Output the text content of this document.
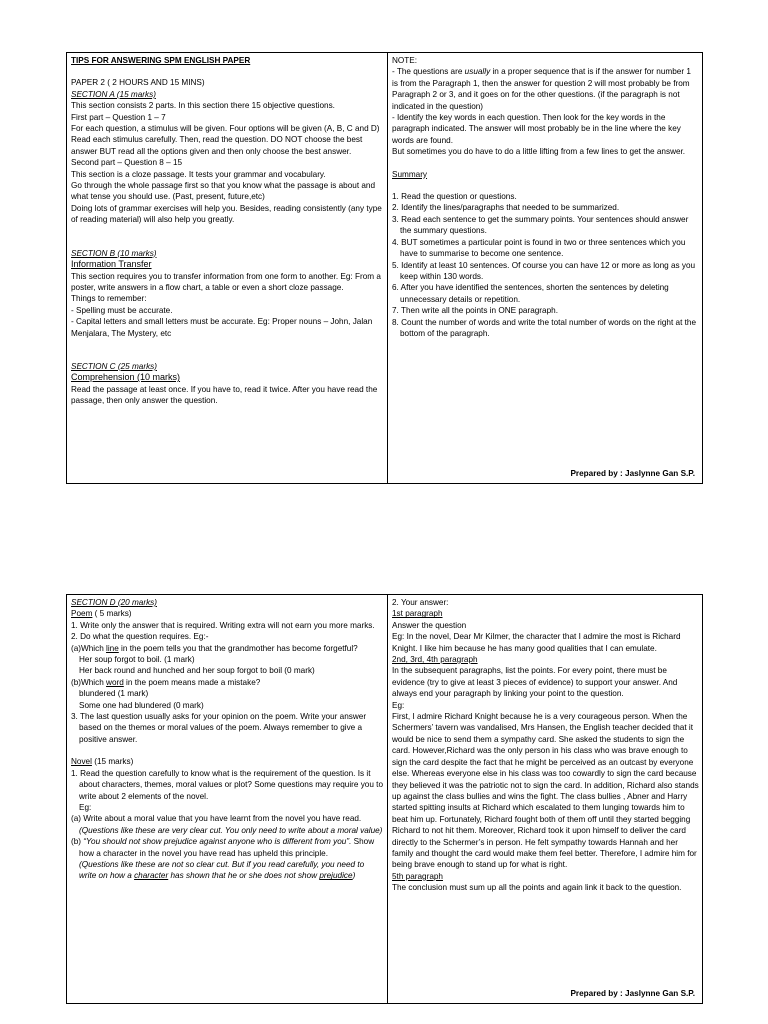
TIPS FOR ANSWERING SPM ENGLISH PAPER

PAPER 2 ( 2 HOURS AND 15 MINS)

SECTION A (15 marks)

This section consists 2 parts. In this section there 15 objective questions.

First part – Question 1 – 7

For each question, a stimulus will be given. Four options will be given (A, B, C and D)

Read each stimulus carefully. Then, read the question. DO NOT choose the best answer BUT read all the options given and then only choose the best answer.

Second part – Question 8 – 15

This section is a cloze passage. It tests your grammar and vocabulary.

Go through the whole passage first so that you know what the passage is about and what tense you should use. (Past, present, future,etc)

Doing lots of grammar exercises will help you. Besides, reading consistently (any type of reading material) will also help you greatly.

SECTION B (10 marks)

Information Transfer

This section requires you to transfer information from one form to another. Eg: From a poster, write answers in a flow chart, a table or even a short cloze passage.

Things to remember:

- Spelling must be accurate.

- Capital letters and small letters must be accurate. Eg: Proper nouns – John, Jalan Menjalara, The Mystery, etc

SECTION C (25 marks)

Comprehension (10 marks)

Read the passage at least once. If you have to, read it twice. After you have read the passage, then only answer the question.

NOTE:

- The questions are usually in a proper sequence that is if the answer for number 1 is from the Paragraph 1, then the answer for question 2 will most probably be from Paragraph 2 or 3, and it goes on for the other questions. (if the paragraph is not indicated in the question)

- Identify the key words in each question. Then look for the key words in the paragraph indicated. The answer will most probably be in the line where the key words are found.

But sometimes you do have to do a little lifting from a few lines to get the answer.

Summary

1. Read the question or questions.

2. Identify the lines/paragraphs that needed to be summarized.

3. Read each sentence to get the summary points. Your sentences should answer the summary questions.

4. BUT sometimes a particular point is found in two or three sentences which you have to summarise to become one sentence.

5. Identify at least 10 sentences. Of course you can have 12 or more as long as you keep within 130 words.

6. After you have identified the sentences, shorten the sentences by deleting unnecessary details or repetition.

7. Then write all the points in ONE paragraph.

8. Count the number of words and write the total number of words on the right at the bottom of the paragraph.

Prepared by : Jaslynne Gan S.P.

SECTION D (20 marks)

Poem ( 5 marks)

1. Write only the answer that is required. Writing extra will not earn you more marks.

2. Do what the question requires. Eg:-

(a)Which line in the poem tells you that the grandmother has become forgetful?

Her soup forgot to boil. (1 mark)

Her back round and hunched and her soup forgot to boil (0 mark)

(b)Which word in the poem means made a mistake?

blundered (1 mark)

Some one had blundered (0 mark)

3. The last question usually asks for your opinion on the poem. Write your answer based on the themes or moral values of the poem. Always remember to give a positive answer.

Novel (15 marks)

1. Read the question carefully to know what is the requirement of the question. Is it about characters, themes, moral values or plot? Some questions may require you to write about 2 elements of the novel.

Eg:

(a) Write about a moral value that you have learnt from the novel you have read.

(Questions like these are very clear cut. You only need to write about a moral value)

(b) “You should not show prejudice against anyone who is different from you”. Show how a character in the novel you have read has upheld this principle.

(Questions like these are not so clear cut. But if you read carefully, you need to write on how a character has shown that he or she does not show prejudice)

2. Your answer:

1st paragraph

Answer the question

Eg: In the novel, Dear Mr Kilmer, the character that I admire the most is Richard Knight. I like him because he has many good qualities that I can emulate.

2nd, 3rd, 4th paragraph

In the subsequent paragraphs, list the points. For every point, there must be evidence (try to give at least 3 pieces of evidence) to support your answer. And always end your paragraph by linking your point to the question.

Eg:

First, I admire Richard Knight because he is a very courageous person. When the Schermers’ tavern was vandalised, Mrs Hansen, the English teacher decided that it would be nice to send them a sympathy card. She asked the students to sign the card. However,Richard was the only person in his class who was brave enough to sign the card despite the fact that he might be perceived as an outcast by everyone else. Whereas everyone else in his class was too cowardly to sign the card because they believed it was the patriotic not to sign the card. In addition, Richard also stands up against the class bullies and wins the fight. The class bullies , Abner and Harry started spitting insults at Richard which escalated to them lunging towards him to beat him up. Fortunately, Richard fought both of them off until they started begging Richard to not hit them. Moreover, Richard took it upon himself to deliver the card directly to the Schermer’s in person. He felt sympathy towards Hannah and her family and thought the card would make them feel better. Therefore, I admire him for being brave enough to stand up for what is right.

5th paragraph

The conclusion must sum up all the points and again link it back to the question.

Prepared by : Jaslynne Gan S.P.
